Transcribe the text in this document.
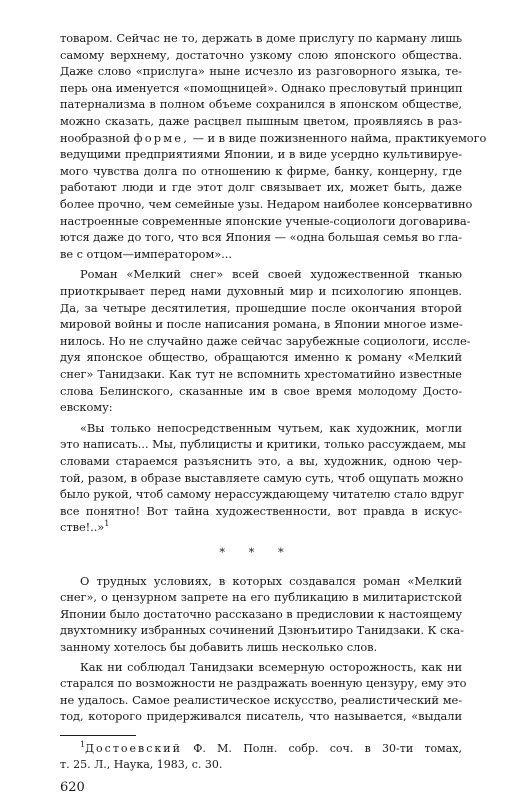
товаром. Сейчас не то, держать в доме прислугу по карману лишь
самому верхнему, достаточно узкому слою японского общества.
Даже слово «прислуга» ныне исчезло из разговорного языка, те-
перь она именуется «помощницей». Однако пресловутый принцип
патернализма в полном объеме сохранился в японском обществе,
можно сказать, даже расцвел пышным цветом, проявляясь в раз-
нообразной форме, — и в виде пожизненного найма, практикуемого
ведущими предприятиями Японии, и в виде усердно культивируе-
мого чувства долга по отношению к фирме, банку, концерну, где
работают люди и где этот долг связывает их, может быть, даже
более прочно, чем семейные узы. Недаром наиболее консервативно
настроенные современные японские ученые-социологи договарива-
ются даже до того, что вся Япония — «одна большая семья во гла-
ве с отцом—императором»...
Роман «Мелкий снег» всей своей художественной тканью
приоткрывает перед нами духовный мир и психологию японцев.
Да, за четыре десятилетия, прошедшие после окончания второй
мировой войны и после написания романа, в Японии многое изме-
нилось. Но не случайно даже сейчас зарубежные социологи, иссле-
дуя японское общество, обращаются именно к роману «Мелкий
снег» Танидзаки. Как тут не вспомнить хрестоматийно известные
слова Белинского, сказанные им в свое время молодому Досто-
евскому:
«Вы только непосредственным чутьем, как художник, могли
это написать... Мы, публицисты и критики, только рассуждаем, мы
словами стараемся разъяснить это, а вы, художник, одною чер-
той, разом, в образе выставляете самую суть, чтоб ощупать можно
было рукой, чтоб самому нерассуждающему читателю стало вдруг
все понятно! Вот тайна художественности, вот правда в искус-
стве!..»$^1$
* * *
О трудных условиях, в которых создавался роман «Мелкий
снег», о цензурном запрете на его публикацию в милитаристской
Японии было достаточно рассказано в предисловии к настоящему
двухтомнику избранных сочинений Дзюнъитиро Танидзаки. К ска-
занному хотелось бы добавить лишь несколько слов.
Как ни соблюдал Танидзаки всемерную осторожность, как ни
старался по возможности не раздражать военную цензуру, ему это
не удалось. Самое реалистическое искусство, реалистический ме-
тод, которого придерживался писатель, что называется, «выдали
$^1$Достоевский Ф. М. Полн. собр. соч. в 30-ти томах,
т. 25. Л., Наука, 1983, с. 30.
620
